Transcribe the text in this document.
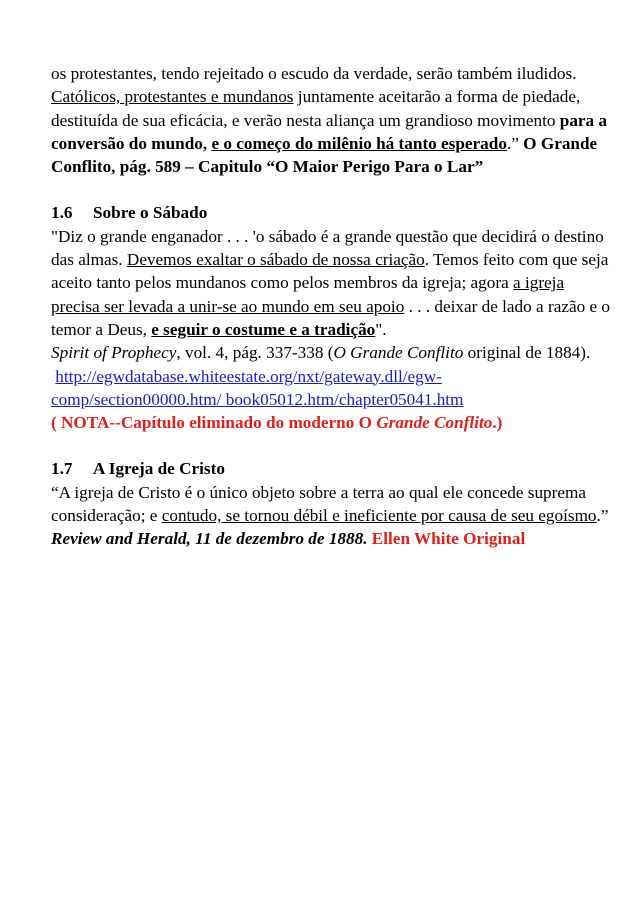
os protestantes, tendo rejeitado o escudo da verdade, serão também iludidos. Católicos, protestantes e mundanos juntamente aceitarão a forma de piedade, destituída de sua eficácia, e verão nesta aliança um grandioso movimento para a conversão do mundo, e o começo do milênio há tanto esperado.” O Grande Conflito, pág. 589 – Capitulo “O Maior Perigo Para o Lar”

1.6 Sobre o Sábado

"Diz o grande enganador . . . 'o sábado é a grande questão que decidirá o destino das almas. Devemos exaltar o sábado de nossa criação. Temos feito com que seja aceito tanto pelos mundanos como pelos membros da igreja; agora a igreja precisa ser levada a unir-se ao mundo em seu apoio . . . deixar de lado a razão e o temor a Deus, e seguir o costume e a tradição".

Spirit of Prophecy, vol. 4, pág. 337-338 (O Grande Conflito original de 1884).

http://egwdatabase.whiteestate.org/nxt/gateway.dll/egw-
comp/section00000.htm/ book05012.htm/chapter05041.htm

( NOTA--Capítulo eliminado do moderno O Grande Conflito.)

1.7 A Igreja de Cristo

“A igreja de Cristo é o único objeto sobre a terra ao qual ele concede suprema consideração; e contudo, se tornou débil e ineficiente por causa de seu egoísmo.”

Review and Herald, 11 de dezembro de 1888. Ellen White Original
